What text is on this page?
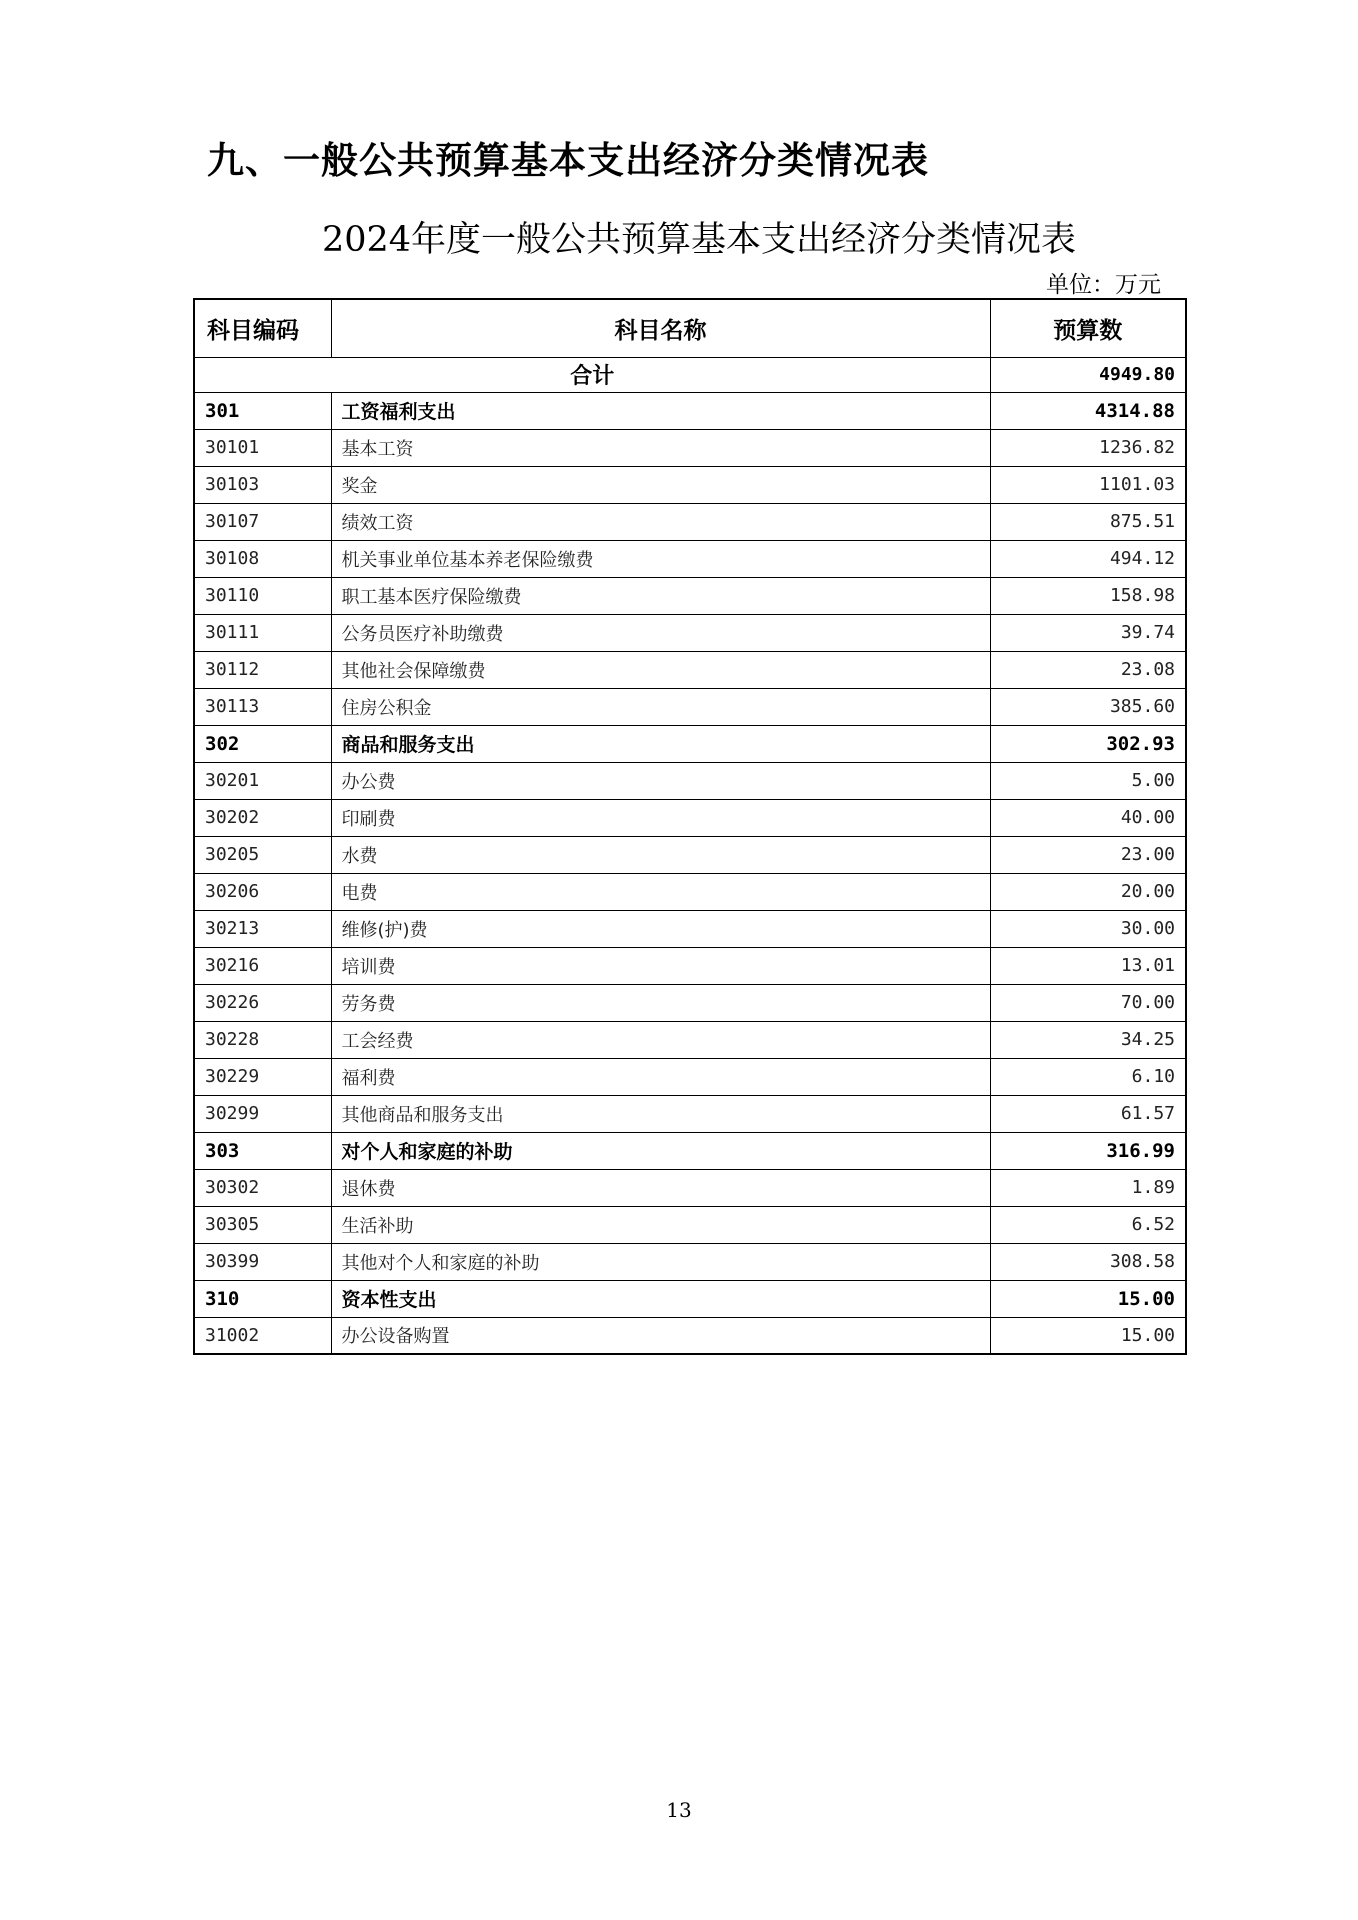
九、一般公共预算基本支出经济分类情况表
2024年度一般公共预算基本支出经济分类情况表
单位：万元
科目编码	科目名称	预算数
合计		4949.80
301	工资福利支出	4314.88
30101	基本工资	1236.82
30103	奖金	1101.03
30107	绩效工资	875.51
30108	机关事业单位基本养老保险缴费	494.12
30110	职工基本医疗保险缴费	158.98
30111	公务员医疗补助缴费	39.74
30112	其他社会保障缴费	23.08
30113	住房公积金	385.60
302	商品和服务支出	302.93
30201	办公费	5.00
30202	印刷费	40.00
30205	水费	23.00
30206	电费	20.00
30213	维修(护)费	30.00
30216	培训费	13.01
30226	劳务费	70.00
30228	工会经费	34.25
30229	福利费	6.10
30299	其他商品和服务支出	61.57
303	对个人和家庭的补助	316.99
30302	退休费	1.89
30305	生活补助	6.52
30399	其他对个人和家庭的补助	308.58
310	资本性支出	15.00
31002	办公设备购置	15.00
13
